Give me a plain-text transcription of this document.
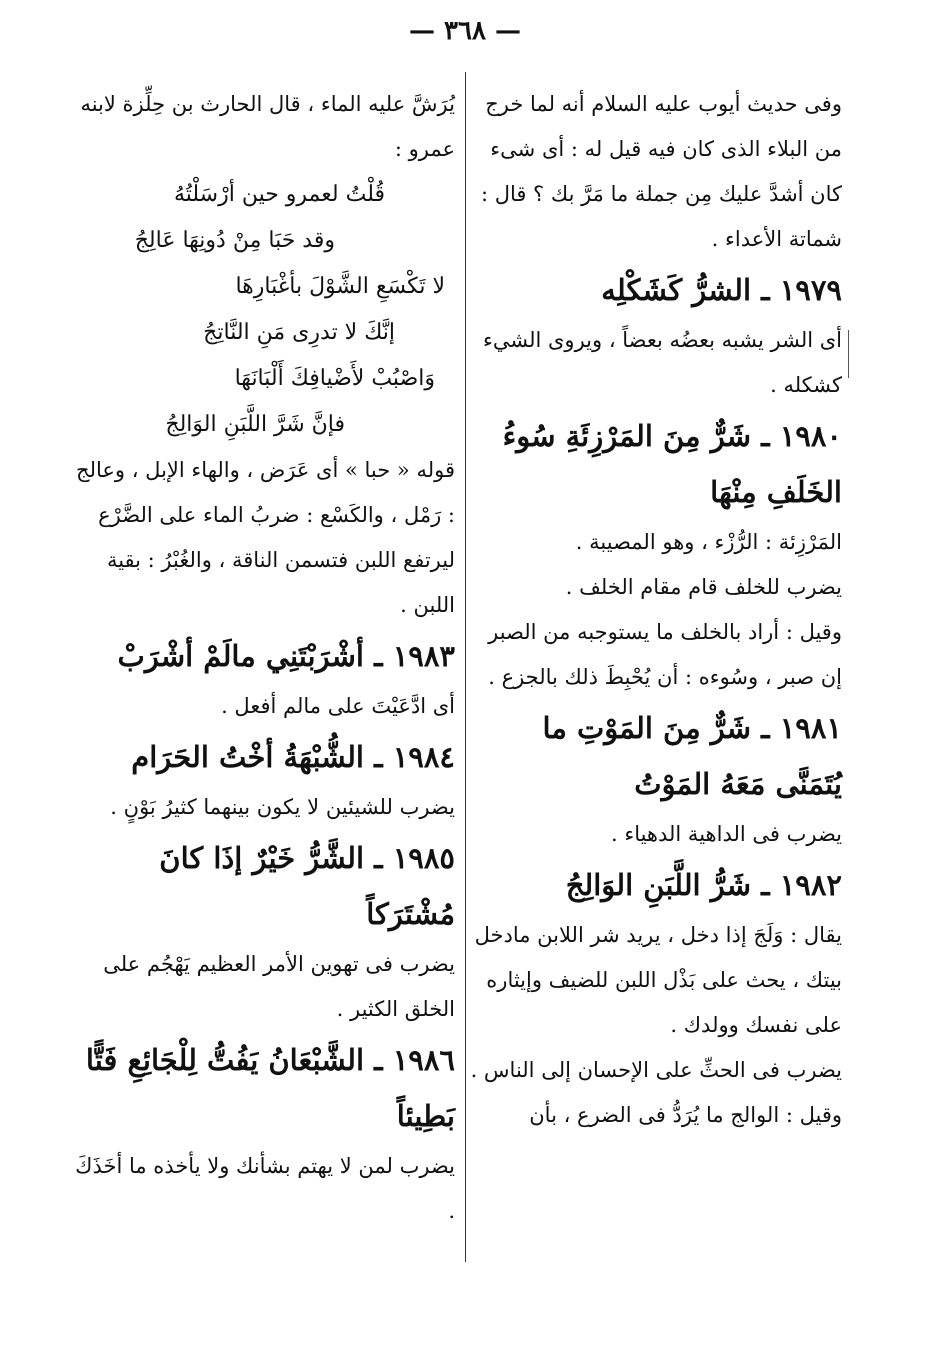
— ٣٦٨ —

وفى حديث أيوب عليه السلام أنه لما خرج من البلاء الذى كان فيه قيل له : أى شىء كان أشدَّ عليك مِن جملة ما مَرَّ بك ؟ قال : شماتة الأعداء .

١٩٧٩ ـ الشرُّ كَشَكْلِه

أى الشر يشبه بعضُه بعضاً ، ويروى الشيء كشكله .

١٩٨٠ ـ شَرٌّ مِنَ المَرْزِئَةِ سُوءُ الخَلَفِ مِنْهَا

المَرْزِئة : الرُّزْء ، وهو المصيبة .

يضرب للخلف قام مقام الخلف .

وقيل : أراد بالخلف ما يستوجبه من الصبر إن صبر ، وسُوءه : أن يُحْبِطَ ذلك بالجزع .

١٩٨١ ـ شَرٌّ مِنَ المَوْتِ ما يُتَمَنَّى مَعَهُ المَوْتُ

يضرب فى الداهية الدهياء .

١٩٨٢ ـ شَرُّ اللَّبَنِ الوَالِجُ

يقال : وَلَجَ إذا دخل ، يريد شر اللابن مادخل بيتك ، يحث على بَذْل اللبن للضيف وإيثاره على نفسك وولدك .

يضرب فى الحثِّ على الإحسان إلى الناس .

وقيل : الوالج ما يُرَدُّ فى الضرع ، بأن

يُرَشَّ عليه الماء ، قال الحارث بن حِلِّزة لابنه عمرو :

قُلْتُ لعمرو حين أرْسَلْتُهُ

وقد حَبَا مِنْ دُونِهَا عَالِجُ

لا تَكْسَعِ الشَّوْلَ بأغْبَارِهَا

إنَّكَ لا تدرِى مَنِ النَّاتِجُ

وَاصْبُبْ لأَضْيافِكَ أَلْبَانَهَا

فإنَّ شَرَّ اللَّبَنِ الوَالِجُ

قوله « حبا » أى عَرَض ، والهاء الإبل ، وعالج : رَمْل ، والكَسْع : ضربُ الماء على الضَّرْع ليرتفع اللبن فتسمن الناقة ، والغُبْرُ : بقية اللبن .

١٩٨٣ ـ أشْرَبْتَنِي مالَمْ أشْرَبْ

أى ادَّعَيْتَ على مالم أفعل .

١٩٨٤ ـ الشُّبْهَةُ أخْتُ الحَرَام

يضرب للشيئين لا يكون بينهما كثيرُ بَوْنٍ .

١٩٨٥ ـ الشَّرُّ خَيْرٌ إذَا كانَ مُشْتَرَكاً

يضرب فى تهوين الأمر العظيم يَهْجُم على الخلق الكثير .

١٩٨٦ ـ الشَّبْعَانُ يَفُتُّ لِلْجَائِعِ فَتًّا بَطِيئاً

يضرب لمن لا يهتم بشأنك ولا يأخذه ما أخَذَكَ .
